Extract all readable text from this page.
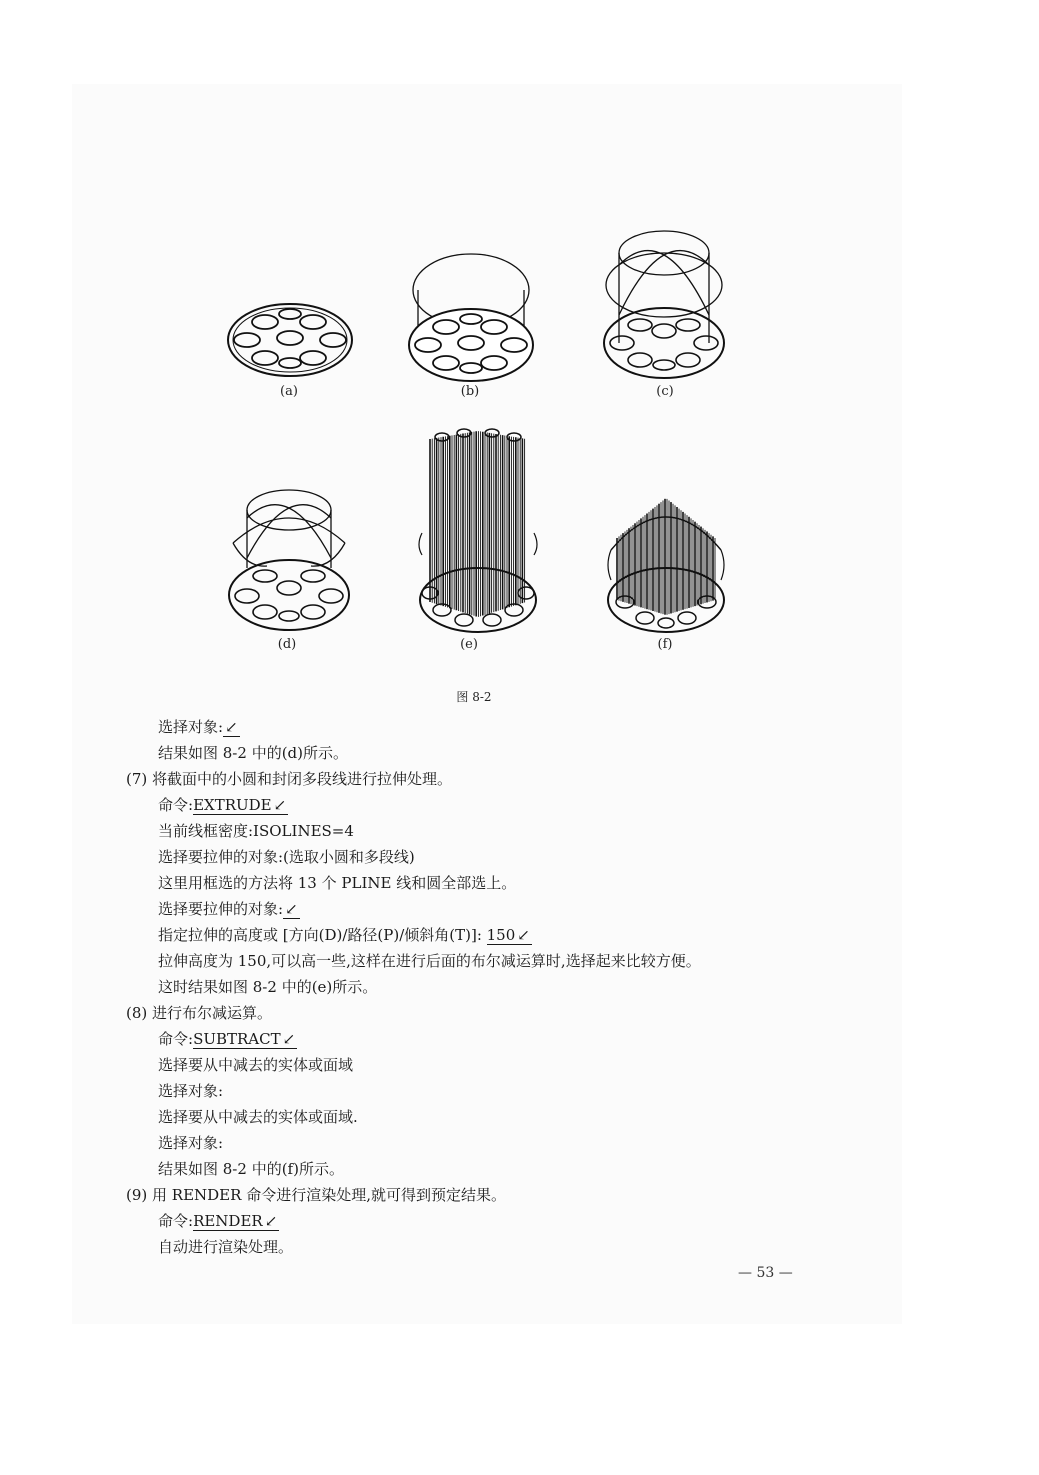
(a)	(b)	(c)
(d)	(e)	(f)
图 8-2
选择对象: ↙
结果如图 8-2 中的(d)所示。
(7) 将截面中的小圆和封闭多段线进行拉伸处理。
命令:EXTRUDE ↙
当前线框密度:ISOLINES=4
选择要拉伸的对象:(选取小圆和多段线)
这里用框选的方法将 13 个 PLINE 线和圆全部选上。
选择要拉伸的对象: ↙
指定拉伸的高度或 [方向(D)/路径(P)/倾斜角(T)]: 150 ↙
拉伸高度为 150,可以高一些,这样在进行后面的布尔减运算时,选择起来比较方便。
这时结果如图 8-2 中的(e)所示。
(8) 进行布尔减运算。
命令:SUBTRACT ↙
选择要从中减去的实体或面域
选择对象:
选择要从中减去的实体或面域.
选择对象:
结果如图 8-2 中的(f)所示。
(9) 用 RENDER 命令进行渲染处理,就可得到预定结果。
命令:RENDER ↙
自动进行渲染处理。
— 53 —
